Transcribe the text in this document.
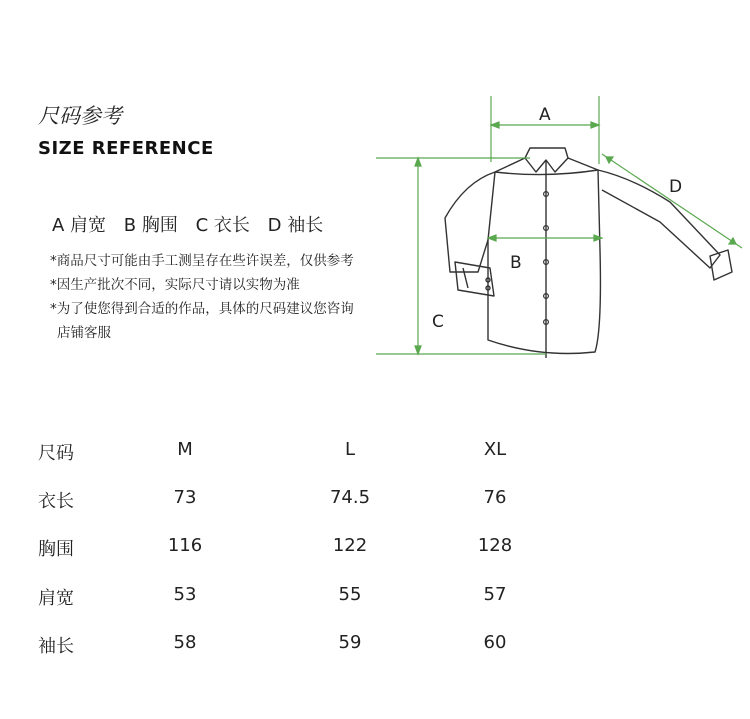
尺码参考
SIZE REFERENCE
A 肩宽 B 胸围 C 衣长 D 袖长
*商品尺寸可能由手工测呈存在些许误差，仅供参考
*因生产批次不同，实际尺寸请以实物为准
*为了使您得到合适的作品，具体的尺码建议您咨询
店铺客服
A
B
C
D
尺码	M	L	XL
衣长	73	74.5	76
胸围	116	122	128
肩宽	53	55	57
袖长	58	59	60
